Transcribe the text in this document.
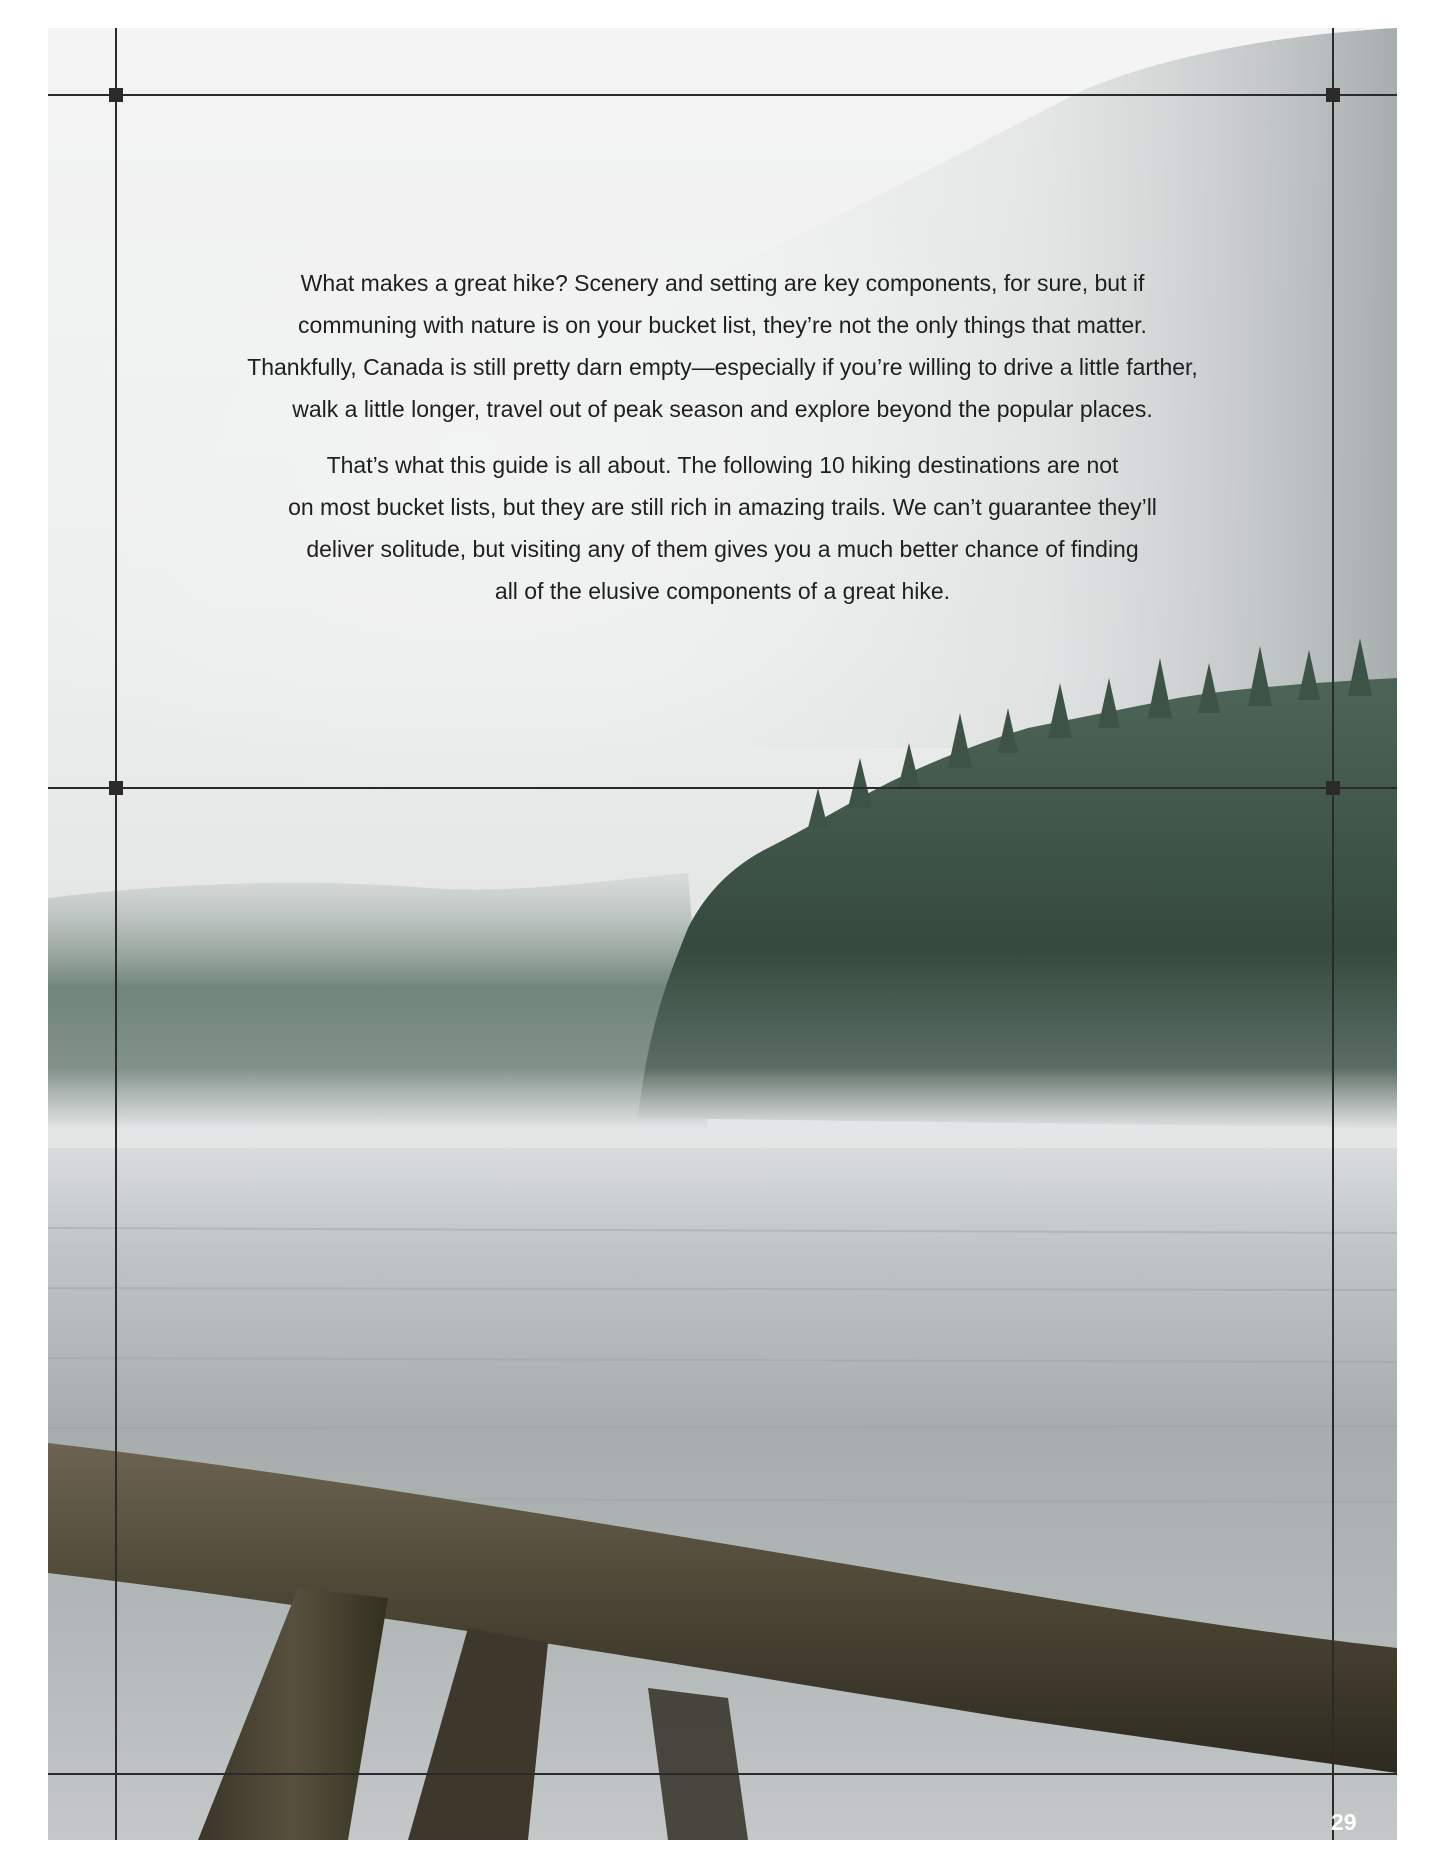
What makes a great hike? Scenery and setting are key components, for sure, but if
communing with nature is on your bucket list, they’re not the only things that matter.
Thankfully, Canada is still pretty darn empty—especially if you’re willing to drive a little farther,
walk a little longer, travel out of peak season and explore beyond the popular places.

That’s what this guide is all about. The following 10 hiking destinations are not
on most bucket lists, but they are still rich in amazing trails. We can’t guarantee they’ll
deliver solitude, but visiting any of them gives you a much better chance of finding
all of the elusive components of a great hike.

29
